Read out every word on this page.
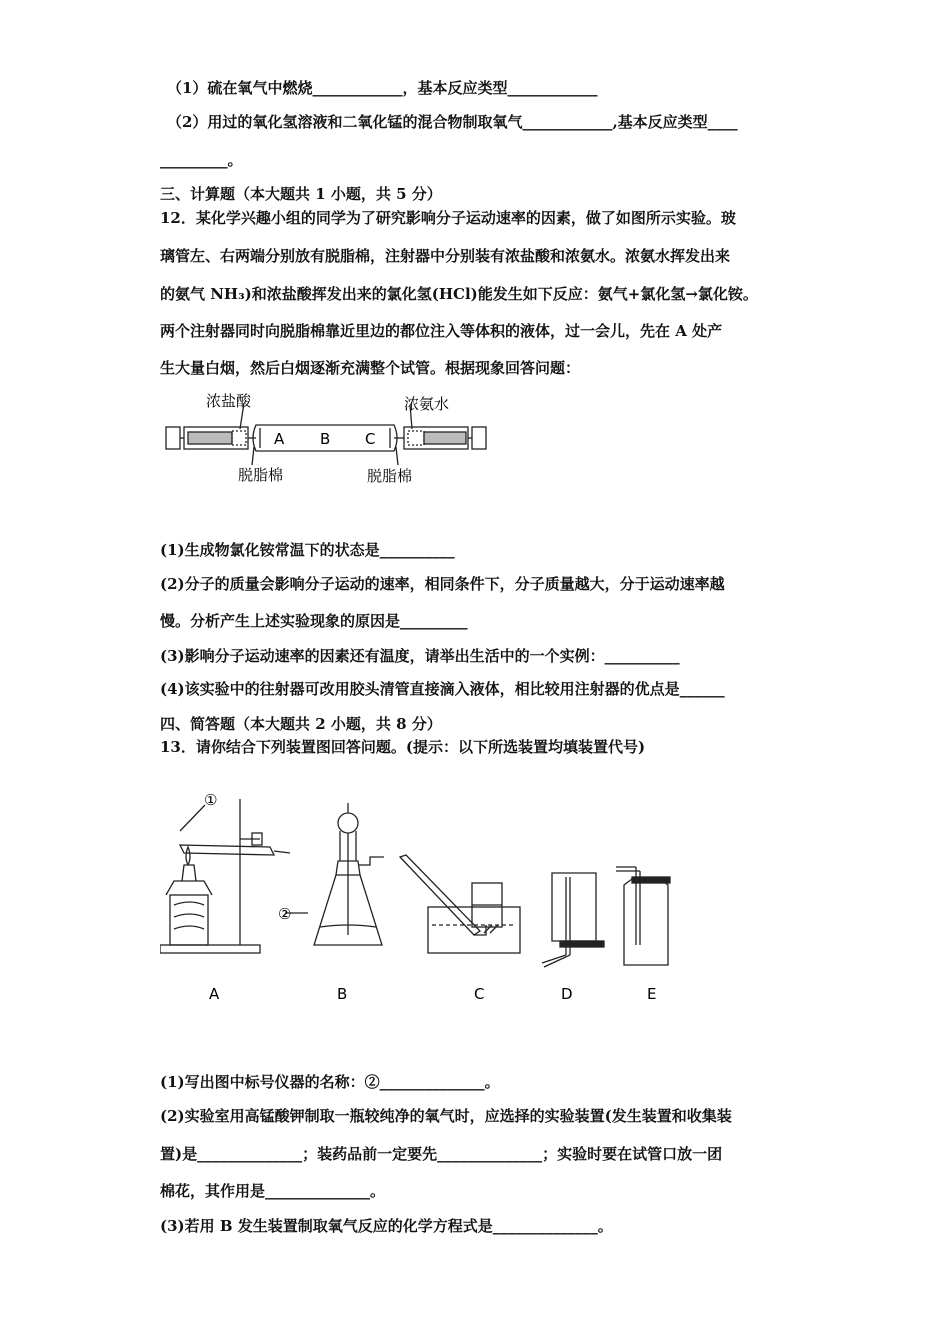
（1）硫在氧气中燃烧____________，基本反应类型____________
（2）用过的氧化氢溶液和二氧化锰的混合物制取氧气____________,基本反应类型____
_________。
三、计算题（本大题共 1 小题，共 5 分）
12．某化学兴趣小组的同学为了研究影响分子运动速率的因素，做了如图所示实验。玻
璃管左、右两端分别放有脱脂棉，注射器中分别装有浓盐酸和浓氨水。浓氨水挥发出来
的氨气 NH₃)和浓盐酸挥发出来的氯化氢(HCl)能发生如下反应：氨气+氯化氢→氯化铵。
两个注射器同时向脱脂棉靠近里边的都位注入等体积的液体，过一会儿，先在 A 处产
生大量白烟，然后白烟逐渐充满整个试管。根据现象回答问题：
浓盐酸	浓氨水
A B C
脱脂棉	脱脂棉
(1)生成物氯化铵常温下的状态是__________
(2)分子的质量会影响分子运动的速率，相同条件下，分子质量越大，分于运动速率越
慢。分析产生上述实验现象的原因是_________
(3)影响分子运动速率的因素还有温度，请举出生活中的一个实例：__________
(4)该实验中的往射器可改用胶头清管直接滴入液体，相比较用注射器的优点是______
四、简答题（本大题共 2 小题，共 8 分）
13．请你结合下列装置图回答问题。(提示：以下所选装置均填装置代号)
①
②
A	B	C	D	E
(1)写出图中标号仪器的名称：②______________。
(2)实验室用高锰酸钾制取一瓶较纯净的氧气时，应选择的实验装置(发生装置和收集装
置)是______________；装药品前一定要先______________；实验时要在试管口放一团
棉花，其作用是______________。
(3)若用 B 发生装置制取氧气反应的化学方程式是______________。
